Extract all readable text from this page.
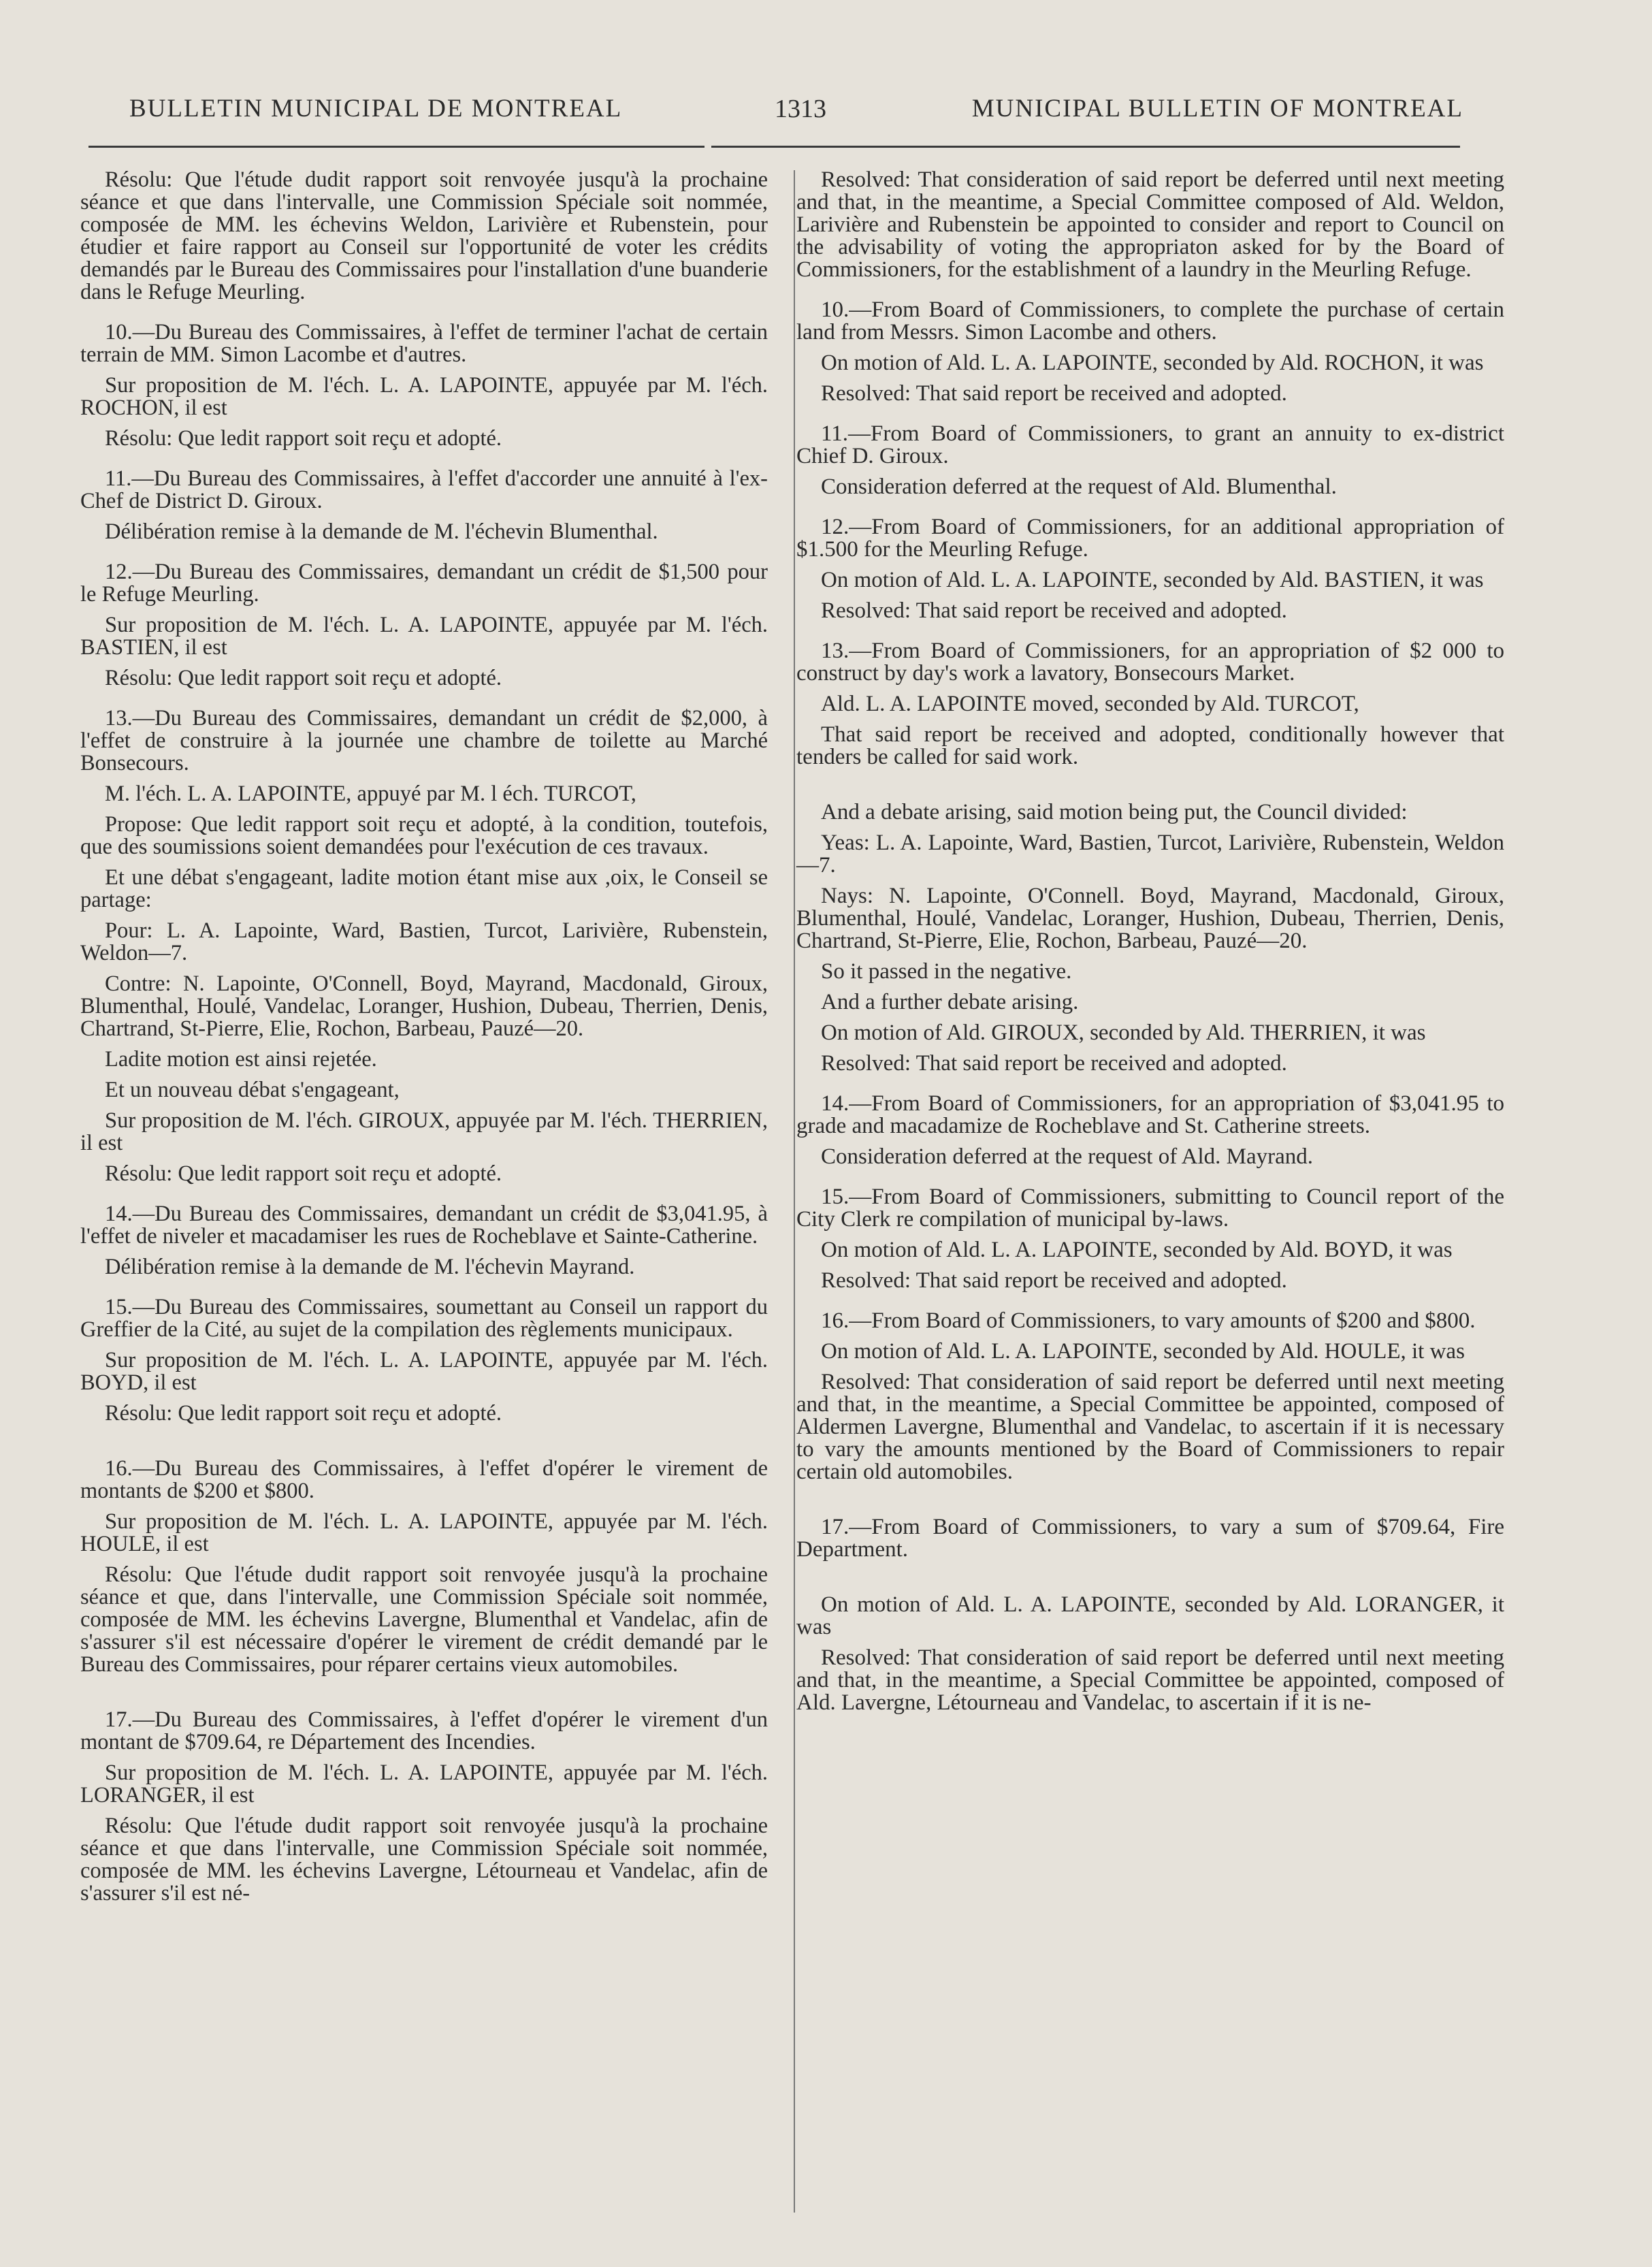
BULLETIN MUNICIPAL DE MONTREAL	1313	MUNICIPAL BULLETIN OF MONTREAL

Résolu: Que l'étude dudit rapport soit renvoyée jusqu'à la prochaine séance et que dans l'intervalle, une Commission Spéciale soit nommée, composée de MM. les échevins Weldon, Larivière et Rubenstein, pour étudier et faire rapport au Conseil sur l'opportunité de voter les crédits demandés par le Bureau des Commissaires pour l'installation d'une buanderie dans le Refuge Meurling.

10.—Du Bureau des Commissaires, à l'effet de terminer l'achat de certain terrain de MM. Simon Lacombe et d'autres.

Sur proposition de M. l'éch. L. A. LAPOINTE, appuyée par M. l'éch. ROCHON, il est

Résolu: Que ledit rapport soit reçu et adopté.

11.—Du Bureau des Commissaires, à l'effet d'accorder une annuité à l'ex-Chef de District D. Giroux.

Délibération remise à la demande de M. l'échevin Blumenthal.

12.—Du Bureau des Commissaires, demandant un crédit de $1,500 pour le Refuge Meurling.

Sur proposition de M. l'éch. L. A. LAPOINTE, appuyée par M. l'éch. BASTIEN, il est

Résolu: Que ledit rapport soit reçu et adopté.

13.—Du Bureau des Commissaires, demandant un crédit de $2,000, à l'effet de construire à la journée une chambre de toilette au Marché Bonsecours.

M. l'éch. L. A. LAPOINTE, appuyé par M. l éch. TURCOT,

Propose: Que ledit rapport soit reçu et adopté, à la condition, toutefois, que des soumissions soient demandées pour l'exécution de ces travaux.

Et une débat s'engageant, ladite motion étant mise aux ,oix, le Conseil se partage:

Pour: L. A. Lapointe, Ward, Bastien, Turcot, Larivière, Rubenstein, Weldon—7.

Contre: N. Lapointe, O'Connell, Boyd, Mayrand, Macdonald, Giroux, Blumenthal, Houlé, Vandelac, Loranger, Hushion, Dubeau, Therrien, Denis, Chartrand, St-Pierre, Elie, Rochon, Barbeau, Pauzé—20.

Ladite motion est ainsi rejetée.

Et un nouveau débat s'engageant,

Sur proposition de M. l'éch. GIROUX, appuyée par M. l'éch. THERRIEN, il est

Résolu: Que ledit rapport soit reçu et adopté.

14.—Du Bureau des Commissaires, demandant un crédit de $3,041.95, à l'effet de niveler et macadamiser les rues de Rocheblave et Sainte-Catherine.

Délibération remise à la demande de M. l'échevin Mayrand.

15.—Du Bureau des Commissaires, soumettant au Conseil un rapport du Greffier de la Cité, au sujet de la compilation des règlements municipaux.

Sur proposition de M. l'éch. L. A. LAPOINTE, appuyée par M. l'éch. BOYD, il est

Résolu: Que ledit rapport soit reçu et adopté.

16.—Du Bureau des Commissaires, à l'effet d'opérer le virement de montants de $200 et $800.

Sur proposition de M. l'éch. L. A. LAPOINTE, appuyée par M. l'éch. HOULE, il est

Résolu: Que l'étude dudit rapport soit renvoyée jusqu'à la prochaine séance et que, dans l'intervalle, une Commission Spéciale soit nommée, composée de MM. les échevins Lavergne, Blumenthal et Vandelac, afin de s'assurer s'il est nécessaire d'opérer le virement de crédit demandé par le Bureau des Commissaires, pour réparer certains vieux automobiles.

17.—Du Bureau des Commissaires, à l'effet d'opérer le virement d'un montant de $709.64, re Département des Incendies.

Sur proposition de M. l'éch. L. A. LAPOINTE, appuyée par M. l'éch. LORANGER, il est

Résolu: Que l'étude dudit rapport soit renvoyée jusqu'à la prochaine séance et que dans l'intervalle, une Commission Spéciale soit nommée, composée de MM. les échevins Lavergne, Létourneau et Vandelac, afin de s'assurer s'il est né-

Resolved: That consideration of said report be deferred until next meeting and that, in the meantime, a Special Committee composed of Ald. Weldon, Larivière and Rubenstein be appointed to consider and report to Council on the advisability of voting the appropriaton asked for by the Board of Commissioners, for the establishment of a laundry in the Meurling Refuge.

10.—From Board of Commissioners, to complete the purchase of certain land from Messrs. Simon Lacombe and others.

On motion of Ald. L. A. LAPOINTE, seconded by Ald. ROCHON, it was

Resolved: That said report be received and adopted.

11.—From Board of Commissioners, to grant an annuity to ex-district Chief D. Giroux.

Consideration deferred at the request of Ald. Blumenthal.

12.—From Board of Commissioners, for an additional appropriation of $1.500 for the Meurling Refuge.

On motion of Ald. L. A. LAPOINTE, seconded by Ald. BASTIEN, it was

Resolved: That said report be received and adopted.

13.—From Board of Commissioners, for an appropriation of $2 000 to construct by day's work a lavatory, Bonsecours Market.

Ald. L. A. LAPOINTE moved, seconded by Ald. TURCOT,

That said report be received and adopted, conditionally however that tenders be called for said work.

And a debate arising, said motion being put, the Council divided:

Yeas: L. A. Lapointe, Ward, Bastien, Turcot, Larivière, Rubenstein, Weldon—7.

Nays: N. Lapointe, O'Connell. Boyd, Mayrand, Macdonald, Giroux, Blumenthal, Houlé, Vandelac, Loranger, Hushion, Dubeau, Therrien, Denis, Chartrand, St-Pierre, Elie, Rochon, Barbeau, Pauzé—20.

So it passed in the negative.

And a further debate arising.

On motion of Ald. GIROUX, seconded by Ald. THERRIEN, it was

Resolved: That said report be received and adopted.

14.—From Board of Commissioners, for an appropriation of $3,041.95 to grade and macadamize de Rocheblave and St. Catherine streets.

Consideration deferred at the request of Ald. Mayrand.

15.—From Board of Commissioners, submitting to Council report of the City Clerk re compilation of municipal by-laws.

On motion of Ald. L. A. LAPOINTE, seconded by Ald. BOYD, it was

Resolved: That said report be received and adopted.

16.—From Board of Commissioners, to vary amounts of $200 and $800.

On motion of Ald. L. A. LAPOINTE, seconded by Ald. HOULE, it was

Resolved: That consideration of said report be deferred until next meeting and that, in the meantime, a Special Committee be appointed, composed of Aldermen Lavergne, Blumenthal and Vandelac, to ascertain if it is necessary to vary the amounts mentioned by the Board of Commissioners to repair certain old automobiles.

17.—From Board of Commissioners, to vary a sum of $709.64, Fire Department.

On motion of Ald. L. A. LAPOINTE, seconded by Ald. LORANGER, it was

Resolved: That consideration of said report be deferred until next meeting and that, in the meantime, a Special Committee be appointed, composed of Ald. Lavergne, Létourneau and Vandelac, to ascertain if it is ne-
